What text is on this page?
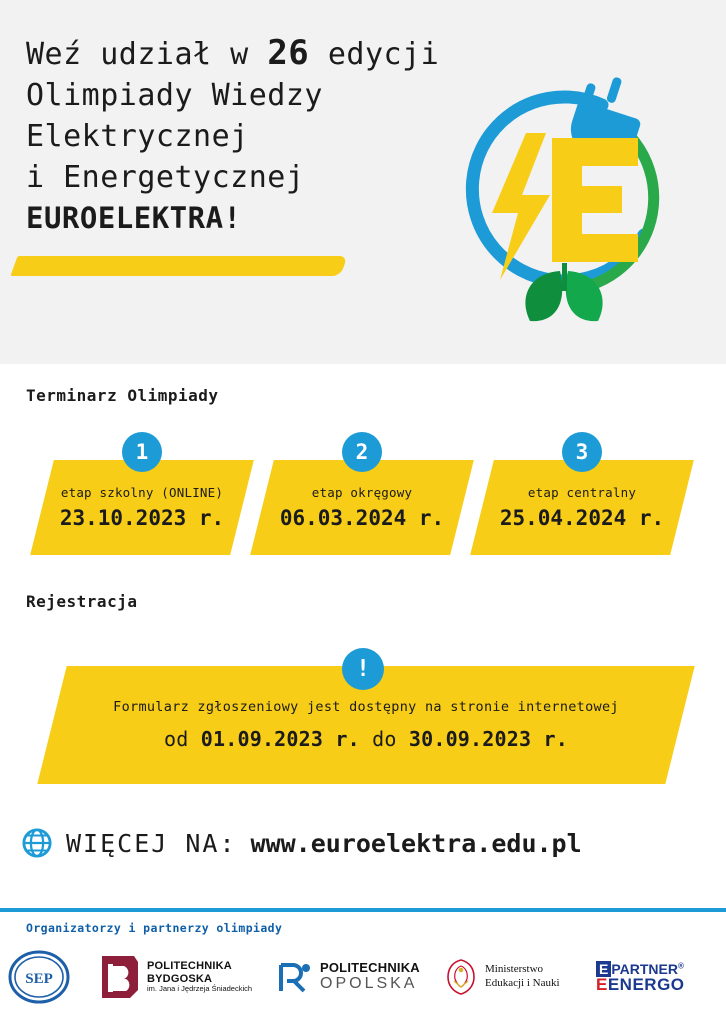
Weź udział w 26 edycji
Olimpiady Wiedzy
Elektrycznej
i Energetycznej
EUROELEKTRA!
Terminarz Olimpiady
1
etap szkolny (ONLINE)
23.10.2023 r.
2
etap okręgowy
06.03.2024 r.
3
etap centralny
25.04.2024 r.
Rejestracja
!
Formularz zgłoszeniowy jest dostępny na stronie internetowej
od 01.09.2023 r. do 30.09.2023 r.
WIĘCEJ NA: www.euroelektra.edu.pl
Organizatorzy i partnerzy olimpiady
SEP
POLITECHNIKA
BYDGOSKA
im. Jana i Jędrzeja Śniadeckich
POLITECHNIKA
OPOLSKA
Ministerstwo
Edukacji i Nauki
E PARTNER®
EENERGO
